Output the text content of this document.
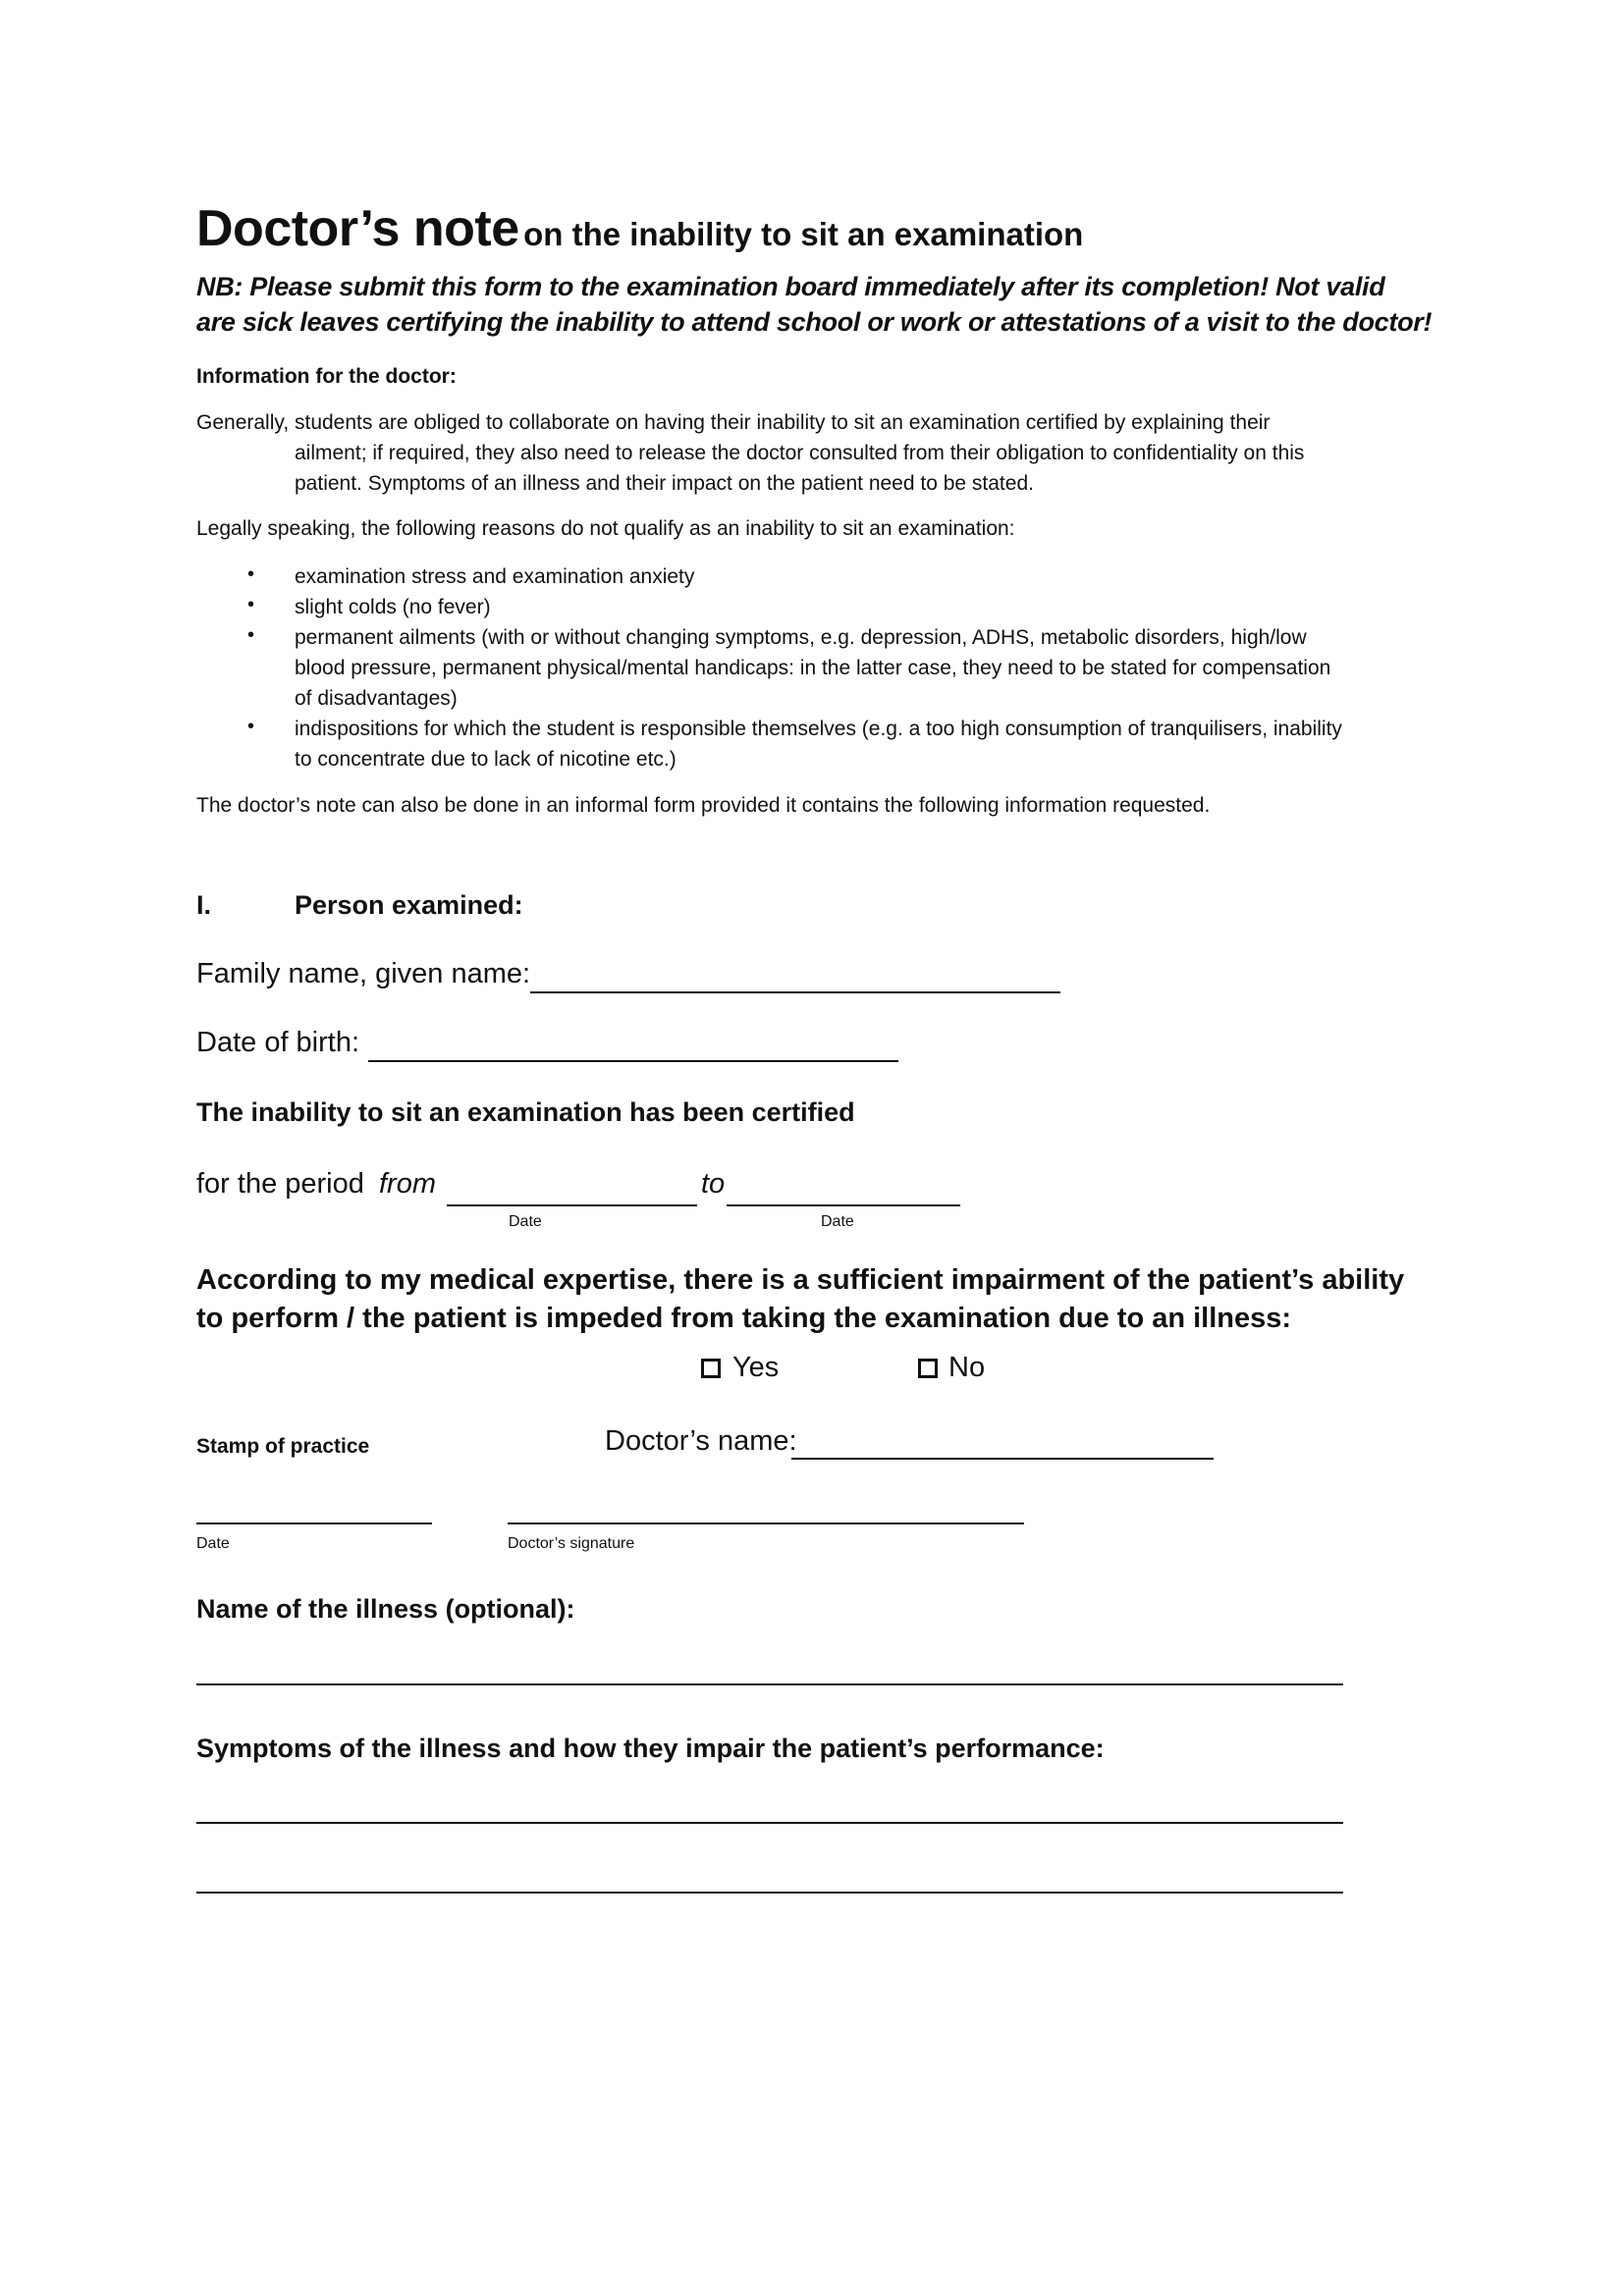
Doctor’s note on the inability to sit an examination
NB: Please submit this form to the examination board immediately after its completion! Not valid
are sick leaves certifying the inability to attend school or work or attestations of a visit to the doctor!
Information for the doctor:
Generally, students are obliged to collaborate on having their inability to sit an examination certified by explaining their
ailment; if required, they also need to release the doctor consulted from their obligation to confidentiality on this
patient. Symptoms of an illness and their impact on the patient need to be stated.
Legally speaking, the following reasons do not qualify as an inability to sit an examination:
• examination stress and examination anxiety
• slight colds (no fever)
• permanent ailments (with or without changing symptoms, e.g. depression, ADHS, metabolic disorders, high/low
blood pressure, permanent physical/mental handicaps: in the latter case, they need to be stated for compensation
of disadvantages)
• indispositions for which the student is responsible themselves (e.g. a too high consumption of tranquilisers, inability
to concentrate due to lack of nicotine etc.)
The doctor’s note can also be done in an informal form provided it contains the following information requested.
I.	Person examined:
Family name, given name:
Date of birth:
The inability to sit an examination has been certified
for the period from	to
Date	Date
According to my medical expertise, there is a sufficient impairment of the patient’s ability
to perform / the patient is impeded from taking the examination due to an illness:
Yes	No
Stamp of practice	Doctor’s name:
Date	Doctor’s signature
Name of the illness (optional):
Symptoms of the illness and how they impair the patient’s performance:
